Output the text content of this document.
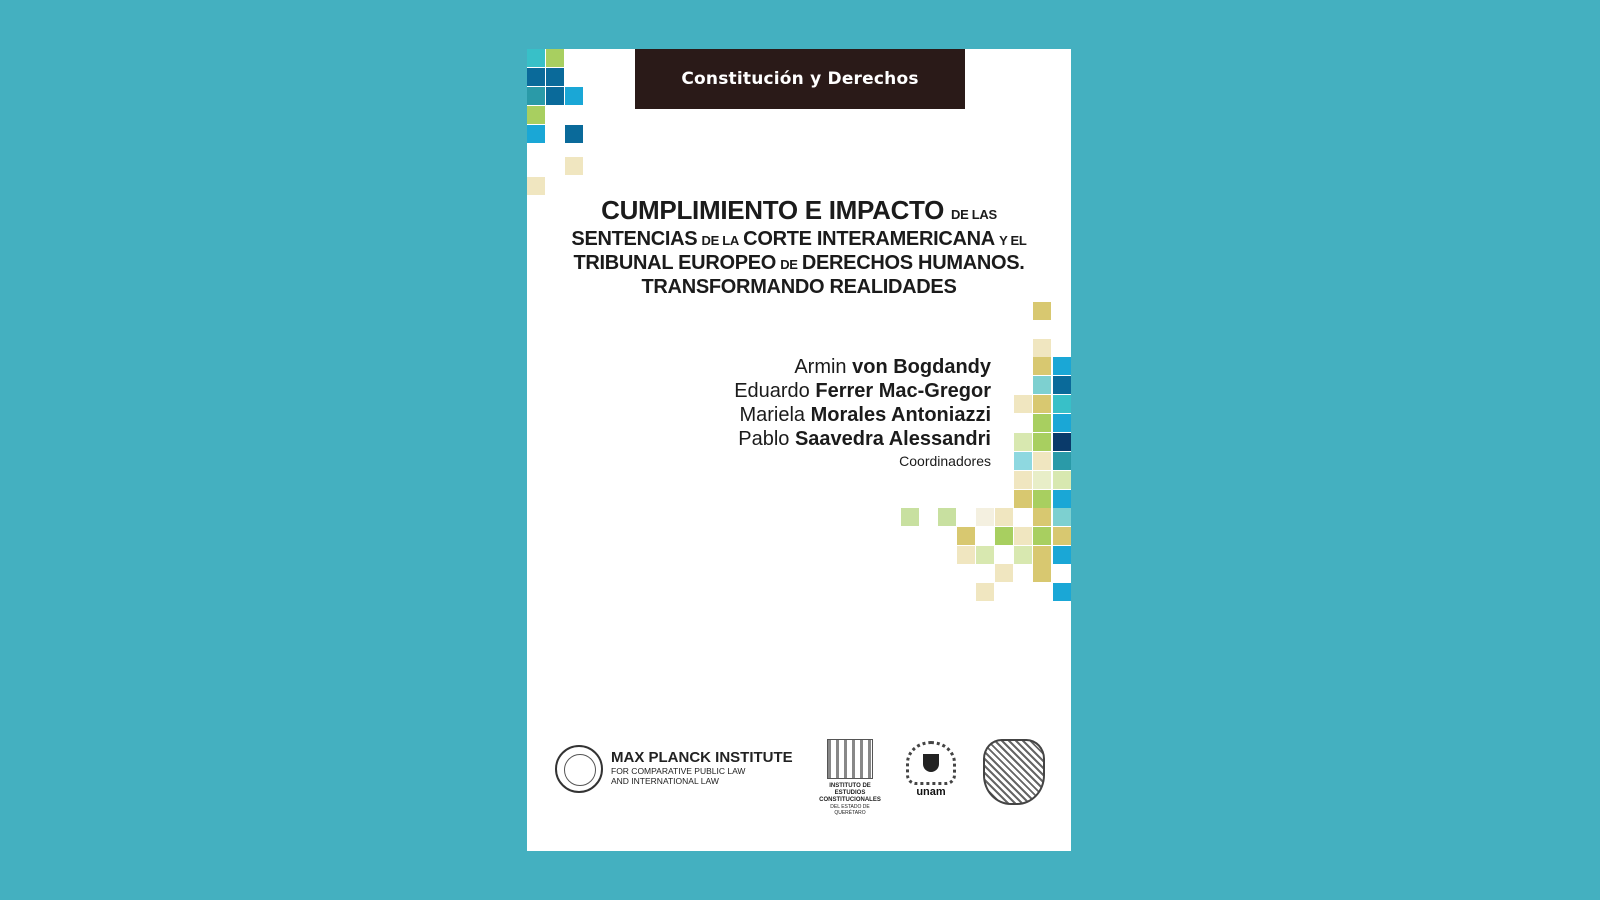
Constitución y Derechos
CUMPLIMIENTO E IMPACTO DE LAS
SENTENCIAS DE LA CORTE INTERAMERICANA Y EL
TRIBUNAL EUROPEO DE DERECHOS HUMANOS.
TRANSFORMANDO REALIDADES
Armin von Bogdandy
Eduardo Ferrer Mac-Gregor
Mariela Morales Antoniazzi
Pablo Saavedra Alessandri
Coordinadores
MAX PLANCK INSTITUTE
FOR COMPARATIVE PUBLIC LAW
AND INTERNATIONAL LAW	INSTITUTO DE ESTUDIOS
CONSTITUCIONALES
DEL ESTADO DE QUERÉTARO
unam
